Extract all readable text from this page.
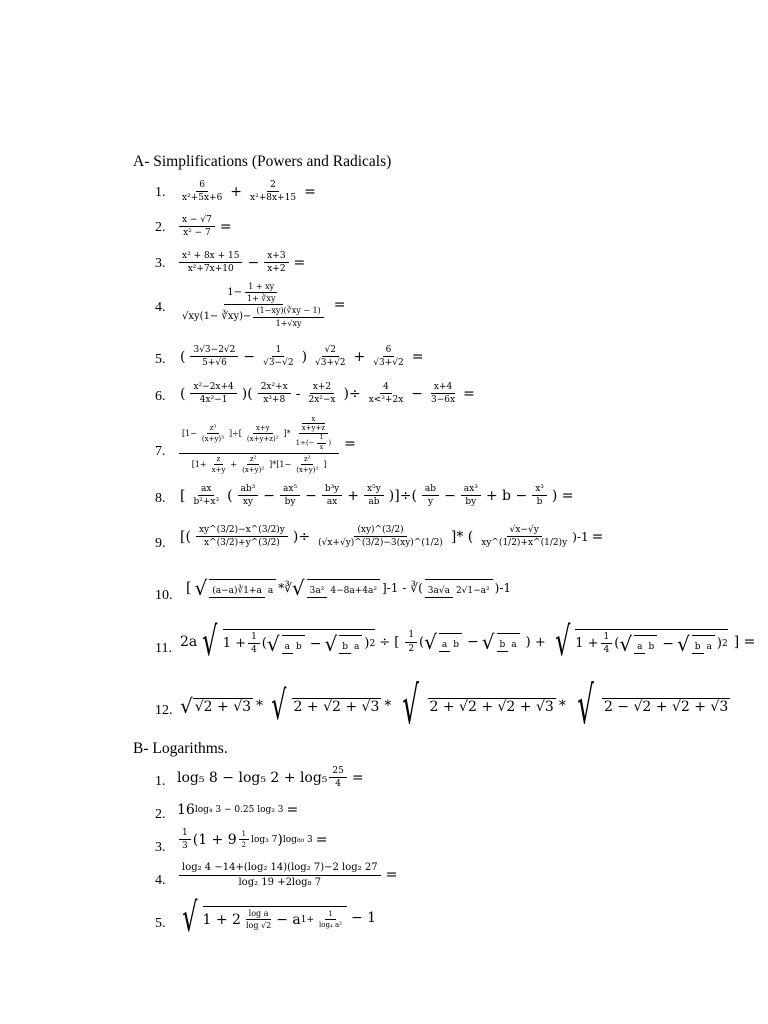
A- Simplifications (Powers and Radicals)
1. $\frac{6}{\text{x²+5x+6}} + \frac{2}{\text{x²+8x+15}}$ =
2. $\frac{x - √7}{\text{x² − 7}}$ =
3. $\frac{\text{x² + 8x + 15}}{\text{x²+7x+10}} - \frac{x+3}{x+2}$ =
4. $\frac{1- \frac{1 + xy}{1+ ∛xy}}{√xy(1- ∛xy)- \frac{(1-xy)(∛xy - 1)}{1+√xy}}$ =
5. ( $\frac{3√3-2√2}{5+√6} - \frac{1}{√3-√2}$ ) $\frac{√2}{√3+√2} + \frac{6}{√3+√2}$ =
6. ( $\frac{\text{x²−2x+4}}{\text{4x²−1}}$ )( $\frac{\text{2x²+x}}{\text{x³+8}} - \frac{x+2}{\text{2x²−x}}$ )÷ $\frac{4}{\text{x<²+2x}} - \frac{x+4}{3-6x}$ =
7.
[$1- \frac{\text{z³}}{\text{(x+y)³}}$ ]÷[ $\frac{x+y}{\text{(x+y+z)²}}$ ]* x
x+y+z
$1\div(- \frac{1}{x}$ )
$[1+ \frac{z}{x+y} + \frac{\text{z²}}{\text{(x+y)²}} ]*[1- \frac{\text{z²}}{\text{(x+y)²}}$ ]
=
8. [ $\frac{ax}{\text{b²+x³}}$ ( $\frac{\text{ab³}}{xy} - \frac{\text{ax⁵}}{by} - \frac{\text{b³y}}{ax} + \frac{\text{x⁵y}}{ab}$ )]÷( $\frac{ab}{y} - \frac{\text{ax³}}{by} + b - \frac{\text{x³}}{b}$ ) =
9. [( $\frac{xy\^{}(3/2)-x\^{}(3/2)y}{x\^{}(3/2)+y\^{}(3/2)}$ )÷ $\frac{(xy)\^{}(3/2)}{(√x+√y)\^{}(3/2)-3(xy)\^{}(1/2)}$ ]* ( $\frac{√x-√y}{xy\^{}(1/2)+x\^{}(1/2)y} )-1$ =
10. [ √ (a−a)∛1+a a * ∛ √ 3a² 4−8a+4a² ]-1 - ∛( 3a√a 2√1−a² )-1
11. 2a √ $1 + \frac{1}{4}$ ( √ a b − √ b a ) 2 ÷ [ $\frac{1}{2}$ ( √ a b − √ b a ) + √ $1 + \frac{1}{4}$ ( √ a b − √ b a ) 2 ] =
12. √ √2 + √3 * √ 2 + √2 + √3 * √ 2 + √2 + √2 + √3 * √ 2 − √2 + √2 + √3
B- Logarithms.
1. log₅ 8 − log₅ $2 + \log_5 \frac{25}{4}$ =
2. 16 log₄ 3 − 0.25 log₂ 3 =
3. $\frac{1}{3} (1 + 9 \frac{1}{2} \log_3$ 7 ) log₈₀ 3 =
4. $\frac{\text{log₂ 4 −14+(log₂ 14)(log₂ 7)−2 log₂ 27}}{\text{log₂ 19 +2log₈ 7}}$ =
5. √ $1 + 2 \frac{\text{log a}}{\log √2} - a$ $1+ \frac{1}{\text{log₄ a²}} - 1$
